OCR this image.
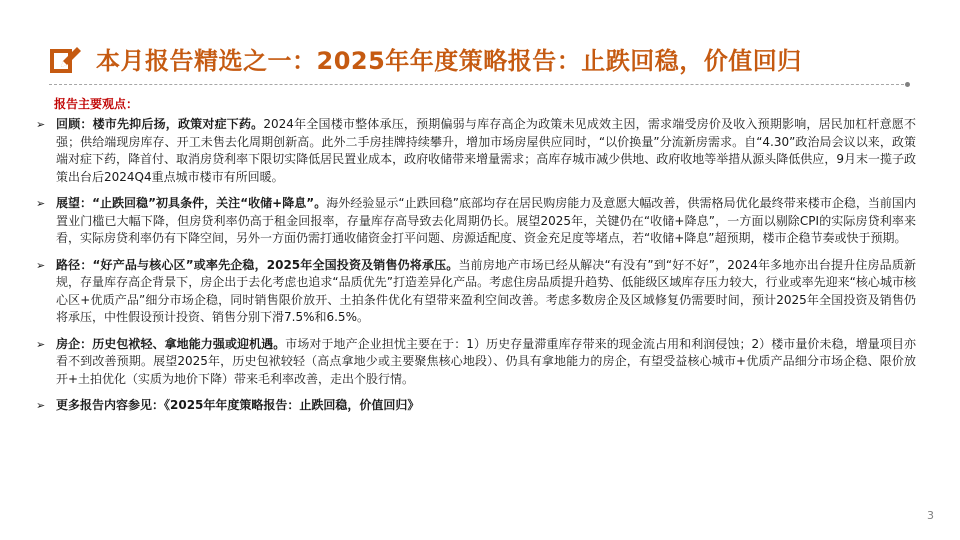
本月报告精选之一：2025年年度策略报告：止跌回稳，价值回归
报告主要观点：

➢ 回顾：楼市先抑后扬，政策对症下药。2024年全国楼市整体承压，预期偏弱与库存高企为政策未见成效主因，需求端受房价及收入预期影响，居民加杠杆意愿不强；供给端现房库存、开工未售去化周期创新高。此外二手房挂牌持续攀升，增加市场房屋供应同时，“以价换量”分流新房需求。自“4.30”政治局会议以来，政策端对症下药，降首付、取消房贷利率下限切实降低居民置业成本，政府收储带来增量需求；高库存城市减少供地、政府收地等举措从源头降低供应，9月末一揽子政策出台后2024Q4重点城市楼市有所回暖。

➢ 展望：“止跌回稳”初具条件，关注“收储+降息”。海外经验显示“止跌回稳”底部均存在居民购房能力及意愿大幅改善，供需格局优化最终带来楼市企稳，当前国内置业门槛已大幅下降，但房贷利率仍高于租金回报率，存量库存高导致去化周期仍长。展望2025年，关键仍在“收储+降息”，一方面以剔除CPI的实际房贷利率来看，实际房贷利率仍有下降空间，另外一方面仍需打通收储资金打平问题、房源适配度、资金充足度等堵点，若“收储+降息”超预期，楼市企稳节奏或快于预期。

➢ 路径：“好产品与核心区”或率先企稳，2025年全国投资及销售仍将承压。当前房地产市场已经从解决“有没有”到“好不好”，2024年多地亦出台提升住房品质新规，存量库存高企背景下，房企出于去化考虑也追求“品质优先”打造差异化产品。考虑住房品质提升趋势、低能级区域库存压力较大，行业或率先迎来“核心城市核心区+优质产品”细分市场企稳，同时销售限价放开、土拍条件优化有望带来盈利空间改善。考虑多数房企及区域修复仍需要时间，预计2025年全国投资及销售仍将承压，中性假设预计投资、销售分别下滑7.5%和6.5%。

➢ 房企：历史包袱轻、拿地能力强或迎机遇。市场对于地产企业担忧主要在于：1）历史存量滞重库存带来的现金流占用和利润侵蚀；2）楼市量价未稳，增量项目亦看不到改善预期。展望2025年，历史包袱较轻（高点拿地少或主要聚焦核心地段）、仍具有拿地能力的房企，有望受益核心城市+优质产品细分市场企稳、限价放开+土拍优化（实质为地价下降）带来毛利率改善，走出个股行情。

➢ 更多报告内容参见：《2025年年度策略报告：止跌回稳，价值回归》

3
